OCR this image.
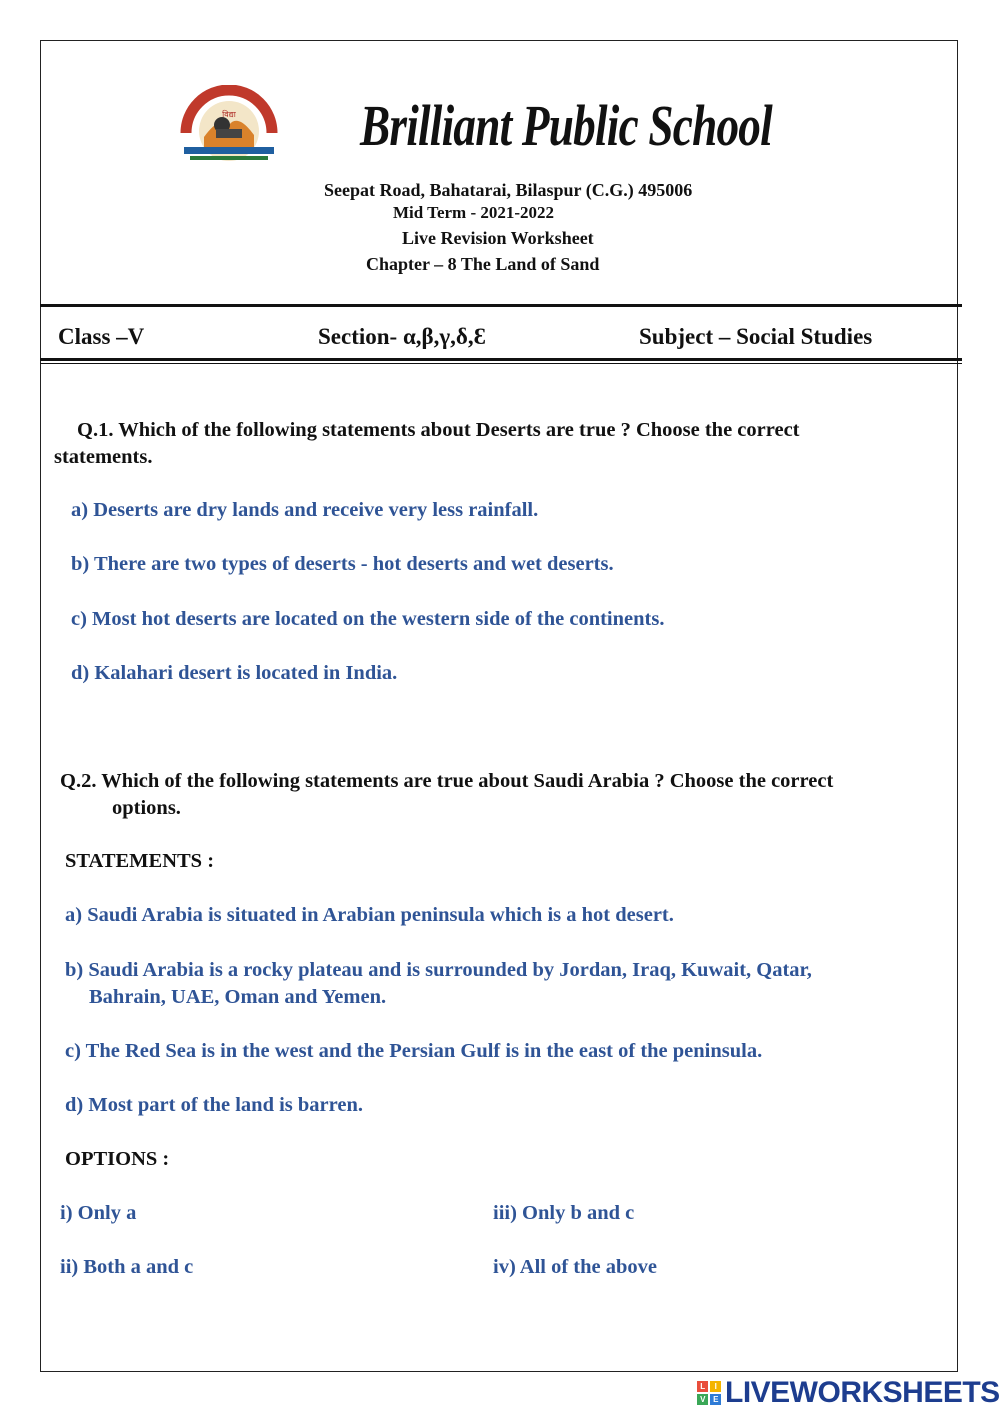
विद्या Brilliant Public School
Seepat Road, Bahatarai, Bilaspur (C.G.) 495006
Mid Term - 2021-2022
Live Revision Worksheet
Chapter – 8 The Land of Sand
Class –V	Section- α,β,γ,δ,Ɛ	Subject – Social Studies
Q.1. Which of the following statements about Deserts are true ? Choose the correct
statements.
a) Deserts are dry lands and receive very less rainfall.
b) There are two types of deserts - hot deserts and wet deserts.
c) Most hot deserts are located on the western side of the continents.
d) Kalahari desert is located in India.
Q.2. Which of the following statements are true about Saudi Arabia ? Choose the correct
options.
STATEMENTS :
a) Saudi Arabia is situated in Arabian peninsula which is a hot desert.
b) Saudi Arabia is a rocky plateau and is surrounded by Jordan, Iraq, Kuwait, Qatar,
Bahrain, UAE, Oman and Yemen.
c) The Red Sea is in the west and the Persian Gulf is in the east of the peninsula.
d) Most part of the land is barren.
OPTIONS :
i) Only a	iii) Only b and c
ii) Both a and c	iv) All of the above
L	I
V	E LIVEWORKSHEETS
